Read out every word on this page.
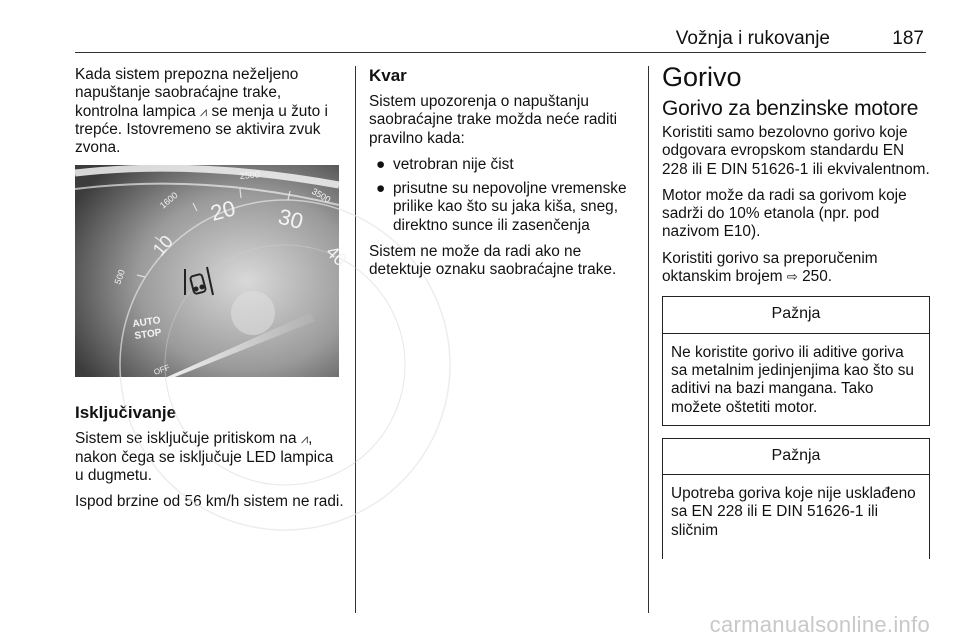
Vožnja i rukovanje	187

Kada sistem prepozna neželjeno napuštanje saobraćajne trake, kontrolna lampica ⩘ se menja u žuto i trepće. Istovremeno se aktivira zvuk zvona.

10
20 30
40
500
1600
2500
3500
AUTO
STOP
OFF
Isključivanje

Sistem se isključuje pritiskom na ⩘, nakon čega se isključuje LED lampica u dugmetu.

Ispod brzine od 56 km/h sistem ne radi.

Kvar

Sistem upozorenja o napuštanju saobraćajne trake možda neće raditi pravilno kada:

● vetrobran nije čist
● prisutne su nepovoljne vremenske prilike kao što su jaka kiša, sneg, direktno sunce ili zasenčenja

Sistem ne može da radi ako ne detektuje oznaku saobraćajne trake.

Gorivo
Gorivo za benzinske motore

Koristiti samo bezolovno gorivo koje odgovara evropskom standardu EN 228 ili E DIN 51626-1 ili ekvivalentnom.

Motor može da radi sa gorivom koje sadrži do 10% etanola (npr. pod nazivom E10).

Koristiti gorivo sa preporučenim oktanskim brojem ⇨ 250.

Pažnja
Ne koristite gorivo ili aditive goriva sa metalnim jedinjenjima kao što su aditivi na bazi mangana. Tako možete oštetiti motor.
Pažnja
Upotreba goriva koje nije usklađeno sa EN 228 ili E DIN 51626-1 ili sličnim
carmanualsonline.info
